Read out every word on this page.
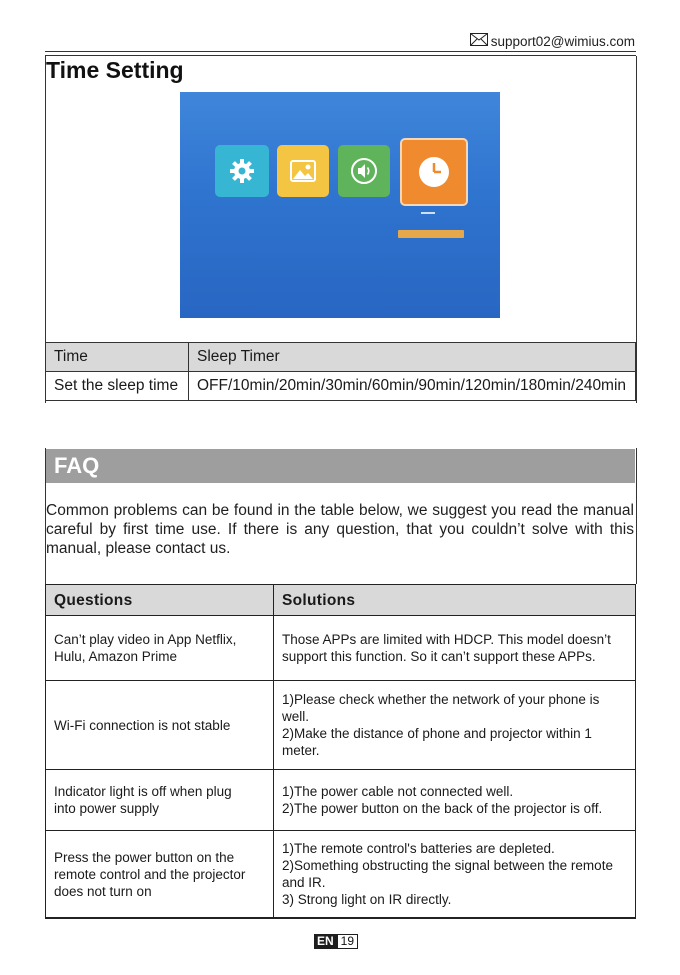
support02@wimius.com
Time Setting
Time	Sleep Timer
Set the sleep time	OFF/10min/20min/30min/60min/90min/120min/180min/240min
FAQ
Common problems can be found in the table below, we suggest you read the manual careful by first time use. If there is any question, that you couldn’t solve with this manual, please contact us.
Questions	Solutions

Can’t play video in App Netflix,
Hulu, Amazon Prime	Those APPs are limited with HDCP. This model doesn’t
support this function. So it can’t support these APPs.

Wi-Fi connection is not stable	1)Please check whether the network of your phone is
well.
2)Make the distance of phone and projector within 1
meter.

Indicator light is off when plug
into power supply	1)The power cable not connected well.
2)The power button on the back of the projector is off.

Press the power button on the
remote control and the projector
does not turn on	1)The remote control's batteries are depleted.
2)Something obstructing the signal between the remote
and IR.
3) Strong light on IR directly.
EN 19
